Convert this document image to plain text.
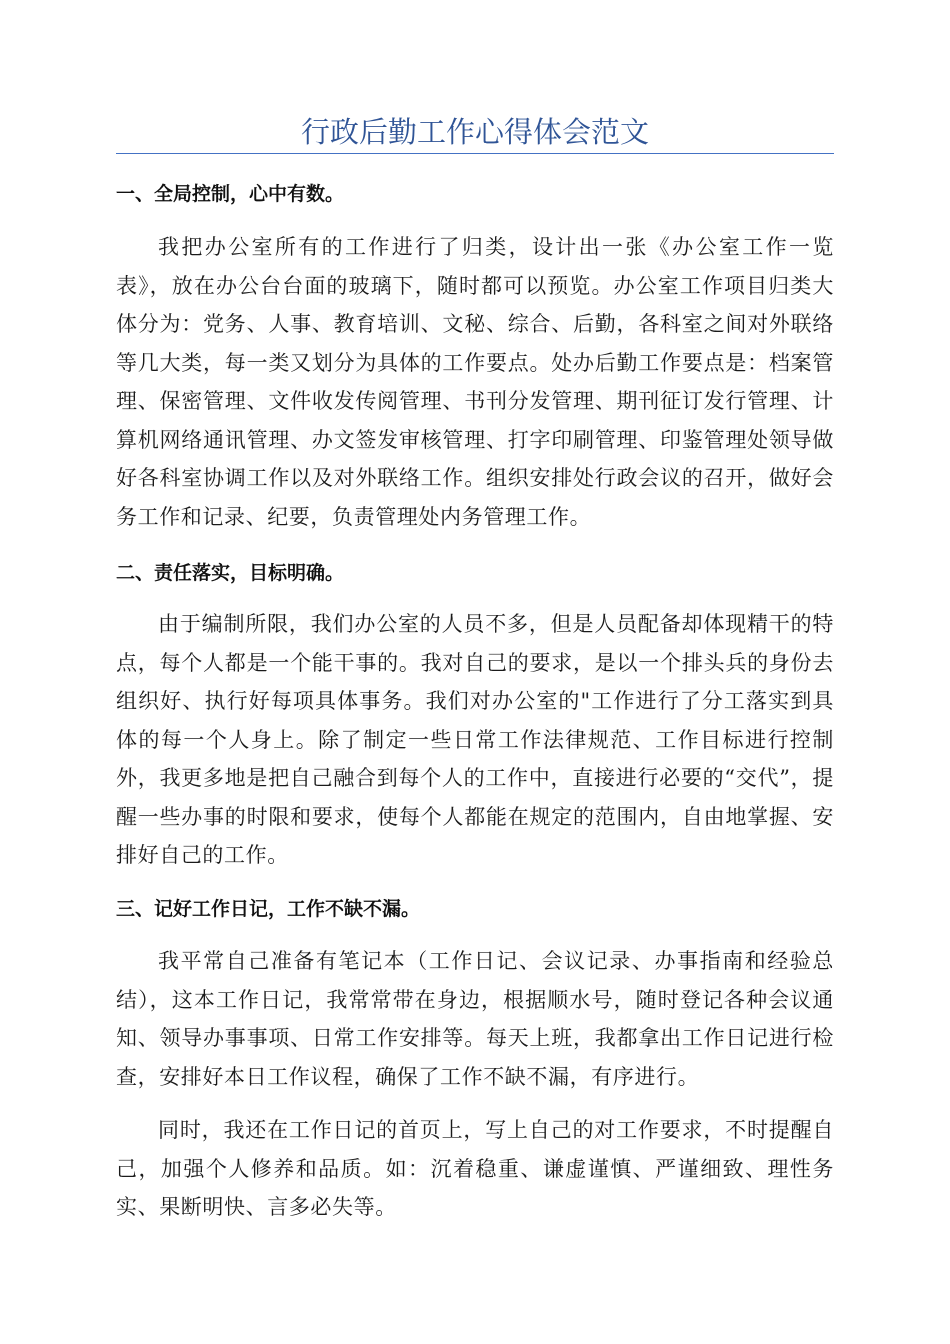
行政后勤工作心得体会范文
一、全局控制，心中有数。

我把办公室所有的工作进行了归类，设计出一张《办公室工作一览表》，放在办公台台面的玻璃下，随时都可以预览。办公室工作项目归类大体分为：党务、人事、教育培训、文秘、综合、后勤，各科室之间对外联络等几大类，每一类又划分为具体的工作要点。处办后勤工作要点是：档案管理、保密管理、文件收发传阅管理、书刊分发管理、期刊征订发行管理、计算机网络通讯管理、办文签发审核管理、打字印刷管理、印鉴管理处领导做好各科室协调工作以及对外联络工作。组织安排处行政会议的召开，做好会务工作和记录、纪要，负责管理处内务管理工作。

二、责任落实，目标明确。

由于编制所限，我们办公室的人员不多，但是人员配备却体现精干的特点，每个人都是一个能干事的。我对自己的要求，是以一个排头兵的身份去组织好、执行好每项具体事务。我们对办公室的"工作进行了分工落实到具体的每一个人身上。除了制定一些日常工作法律规范、工作目标进行控制外，我更多地是把自己融合到每个人的工作中，直接进行必要的“交代”，提醒一些办事的时限和要求，使每个人都能在规定的范围内，自由地掌握、安排好自己的工作。

三、记好工作日记，工作不缺不漏。

我平常自己准备有笔记本（工作日记、会议记录、办事指南和经验总结），这本工作日记，我常常带在身边，根据顺水号，随时登记各种会议通知、领导办事事项、日常工作安排等。每天上班，我都拿出工作日记进行检查，安排好本日工作议程，确保了工作不缺不漏，有序进行。

同时，我还在工作日记的首页上，写上自己的对工作要求，不时提醒自己，加强个人修养和品质。如：沉着稳重、谦虚谨慎、严谨细致、理性务实、果断明快、言多必失等。
